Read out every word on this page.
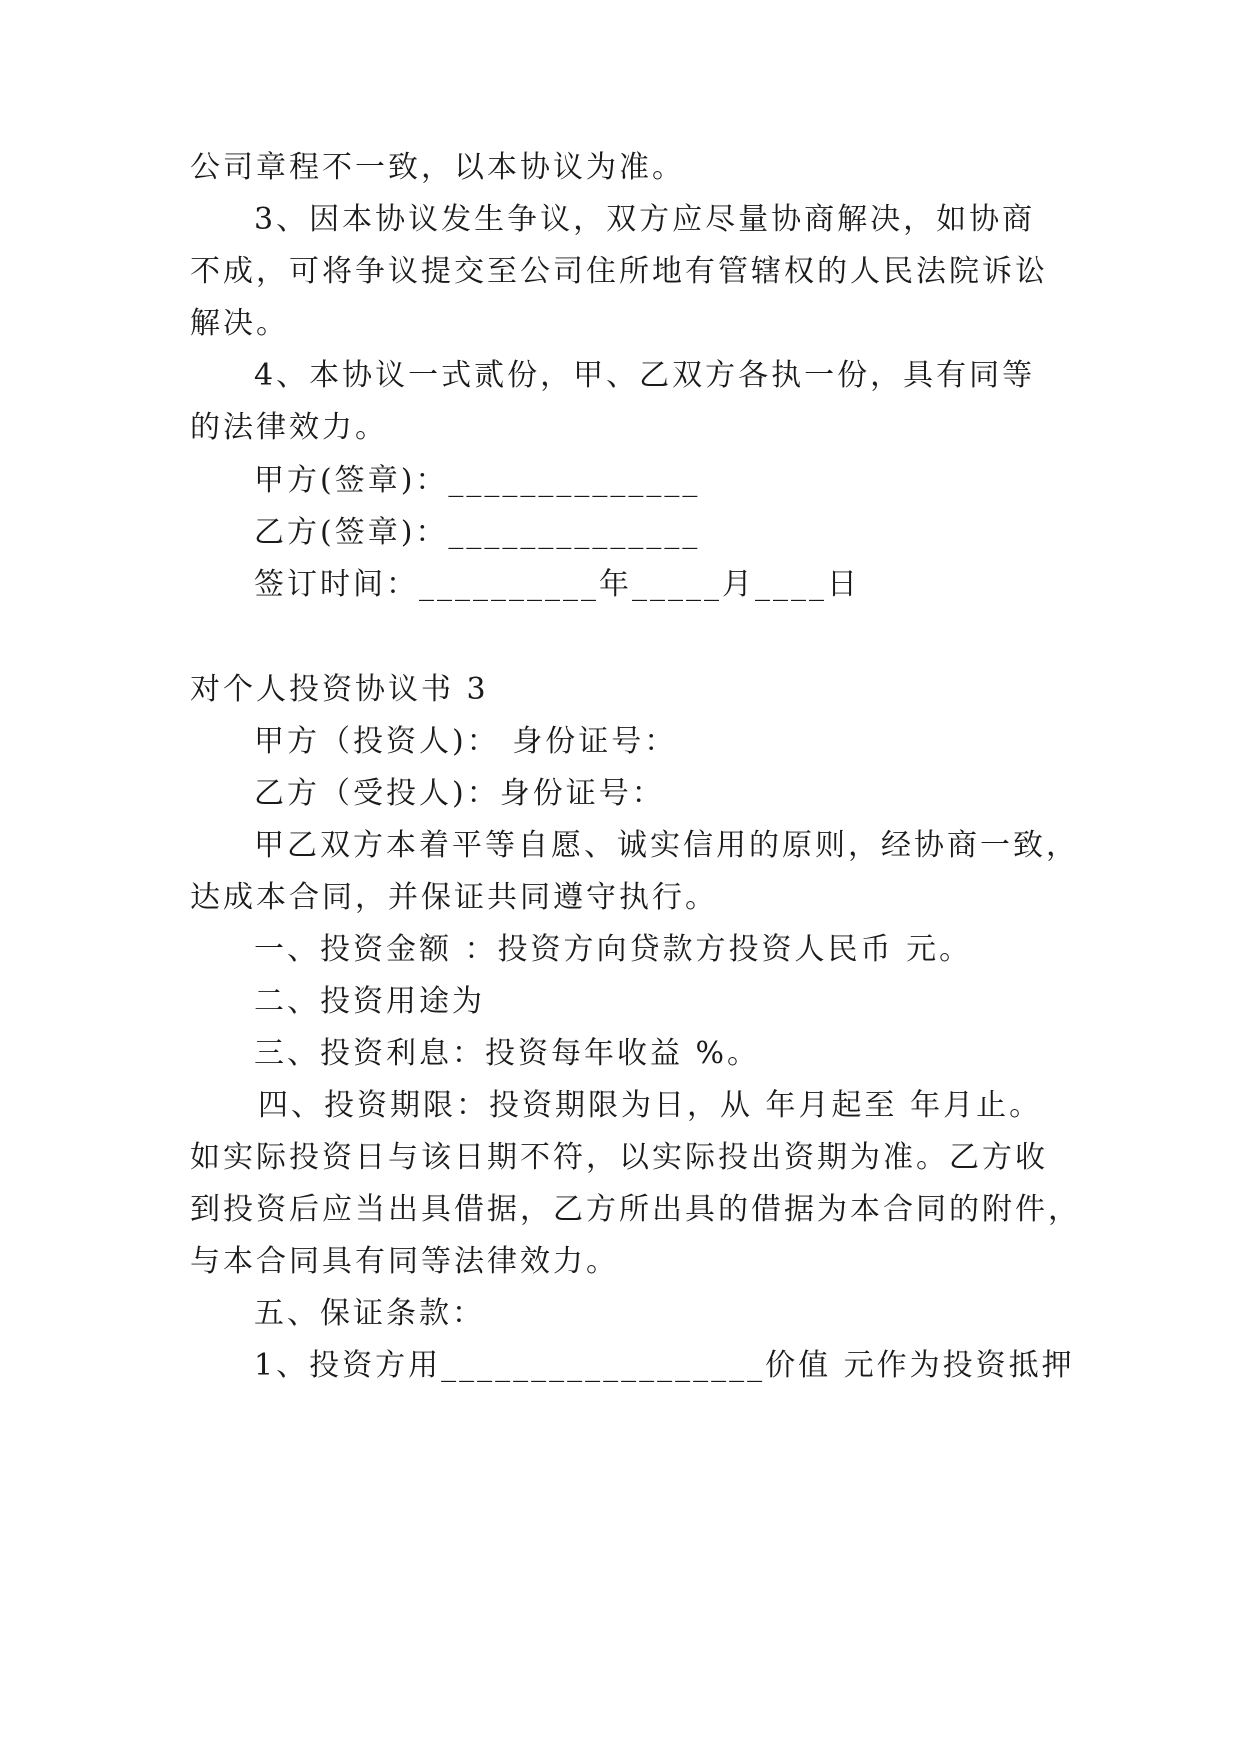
公司章程不一致，以本协议为准。
3、因本协议发生争议，双方应尽量协商解决，如协商
不成，可将争议提交至公司住所地有管辖权的人民法院诉讼
解决。
4、本协议一式贰份，甲、乙双方各执一份，具有同等
的法律效力。
甲方(签章)：______________
乙方(签章)：______________
签订时间：__________年_____月____日
对个人投资协议书 3
甲方（投资人)： 身份证号：
乙方（受投人)：身份证号：
甲乙双方本着平等自愿、诚实信用的原则，经协商一致，
达成本合同，并保证共同遵守执行。
一、投资金额 ：投资方向贷款方投资人民币 元。
二、投资用途为
三、投资利息：投资每年收益 %。
四、投资期限：投资期限为日，从 年月起至 年月止。
如实际投资日与该日期不符，以实际投出资期为准。乙方收
到投资后应当出具借据，乙方所出具的借据为本合同的附件，
与本合同具有同等法律效力。
五、保证条款：
1、投资方用__________________价值 元作为投资抵押
